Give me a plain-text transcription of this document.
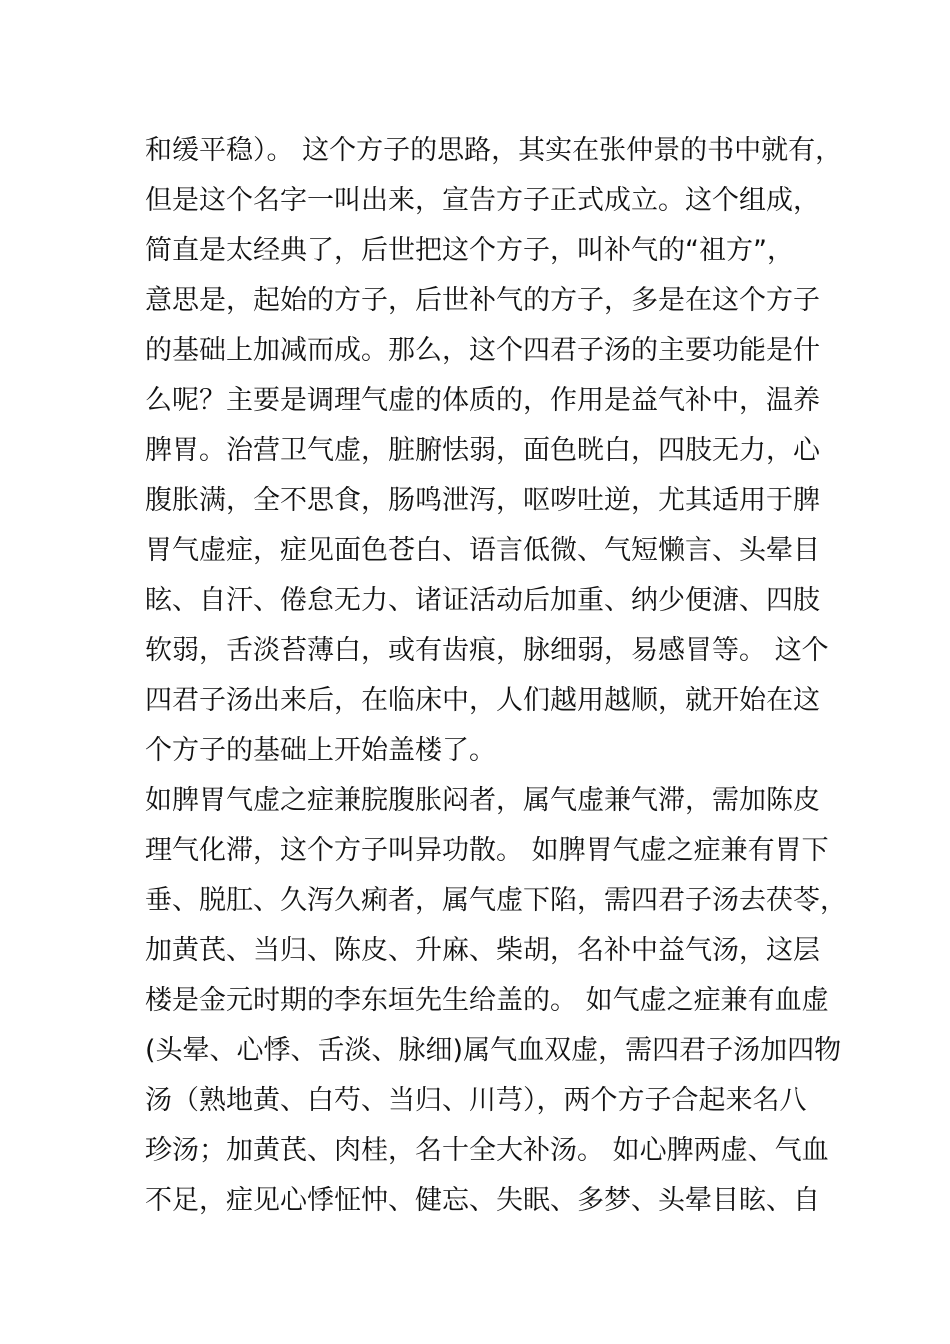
和缓平稳）。 这个方子的思路，其实在张仲景的书中就有，
但是这个名字一叫出来，宣告方子正式成立。这个组成，
简直是太经典了，后世把这个方子，叫补气的“祖方”，
意思是，起始的方子，后世补气的方子，多是在这个方子
的基础上加减而成。那么，这个四君子汤的主要功能是什
么呢？主要是调理气虚的体质的，作用是益气补中，温养
脾胃。治营卫气虚，脏腑怯弱，面色晄白，四肢无力，心
腹胀满，全不思食，肠鸣泄泻，呕哕吐逆，尤其适用于脾
胃气虚症，症见面色苍白、语言低微、气短懒言、头晕目
眩、自汗、倦怠无力、诸证活动后加重、纳少便溏、四肢
软弱，舌淡苔薄白，或有齿痕，脉细弱，易感冒等。 这个
四君子汤出来后，在临床中，人们越用越顺，就开始在这
个方子的基础上开始盖楼了。
如脾胃气虚之症兼脘腹胀闷者，属气虚兼气滞，需加陈皮
理气化滞，这个方子叫异功散。 如脾胃气虚之症兼有胃下
垂、脱肛、久泻久痢者，属气虚下陷，需四君子汤去茯苓，
加黄芪、当归、陈皮、升麻、柴胡，名补中益气汤，这层
楼是金元时期的李东垣先生给盖的。 如气虚之症兼有血虚
(头晕、心悸、舌淡、脉细)属气血双虚，需四君子汤加四物
汤（熟地黄、白芍、当归、川芎），两个方子合起来名八
珍汤；加黄芪、肉桂，名十全大补汤。 如心脾两虚、气血
不足，症见心悸怔忡、健忘、失眠、多梦、头晕目眩、自
